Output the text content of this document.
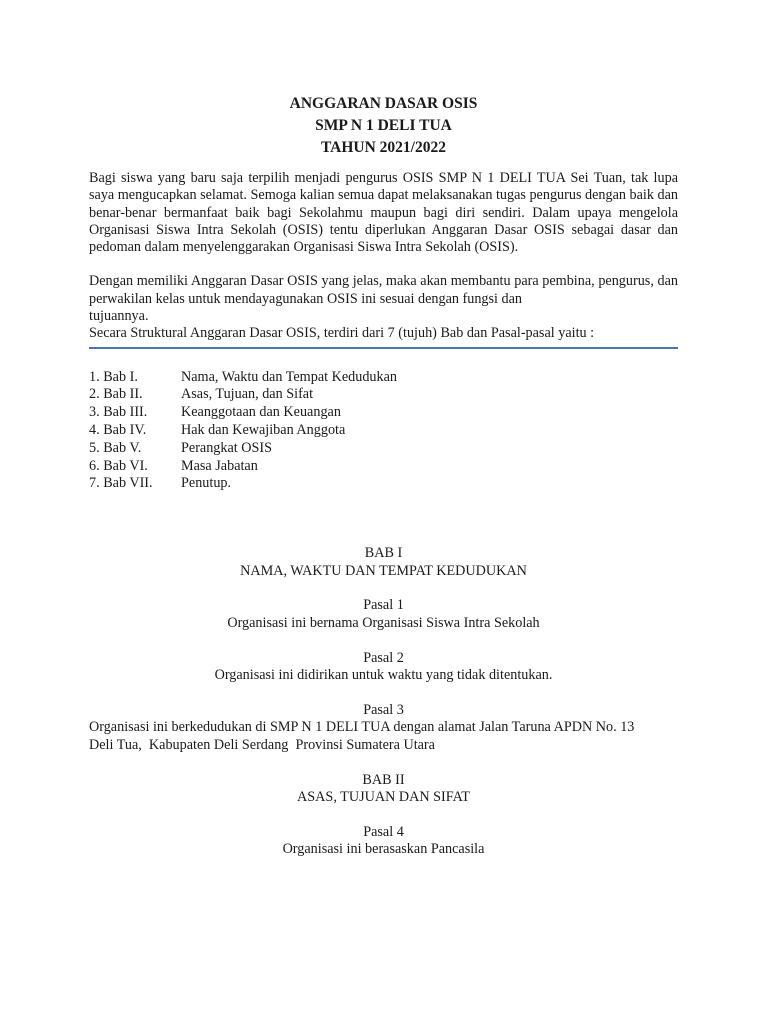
ANGGARAN DASAR OSIS
SMP N 1 DELI TUA
TAHUN 2021/2022

Bagi siswa yang baru saja terpilih menjadi pengurus OSIS SMP N 1 DELI TUA Sei Tuan, tak lupa saya mengucapkan selamat. Semoga kalian semua dapat melaksanakan tugas pengurus dengan baik dan benar-benar bermanfaat baik bagi Sekolahmu maupun bagi diri sendiri. Dalam upaya mengelola Organisasi Siswa Intra Sekolah (OSIS) tentu diperlukan Anggaran Dasar OSIS sebagai dasar dan pedoman dalam menyelenggarakan Organisasi Siswa Intra Sekolah (OSIS).

Dengan memiliki Anggaran Dasar OSIS yang jelas, maka akan membantu para pembina, pengurus, dan perwakilan kelas untuk mendayagunakan OSIS ini sesuai dengan fungsi dan

tujuannya.

Secara Struktural Anggaran Dasar OSIS, terdiri dari 7 (tujuh) Bab dan Pasal-pasal yaitu :
1. Bab I.	Nama, Waktu dan Tempat Kedudukan
2. Bab II.	Asas, Tujuan, dan Sifat
3. Bab III.	Keanggotaan dan Keuangan
4. Bab IV.	Hak dan Kewajiban Anggota
5. Bab V.	Perangkat OSIS
6. Bab VI.	Masa Jabatan
7. Bab VII.	Penutup.
BAB I
NAMA, WAKTU DAN TEMPAT KEDUDUKAN
Pasal 1
Organisasi ini bernama Organisasi Siswa Intra Sekolah
Pasal 2
Organisasi ini didirikan untuk waktu yang tidak ditentukan.
Pasal 3
Organisasi ini berkedudukan di SMP N 1 DELI TUA dengan alamat Jalan Taruna APDN No. 13
Deli Tua,  Kabupaten Deli Serdang  Provinsi Sumatera Utara
BAB II
ASAS, TUJUAN DAN SIFAT
Pasal 4
Organisasi ini berasaskan Pancasila
